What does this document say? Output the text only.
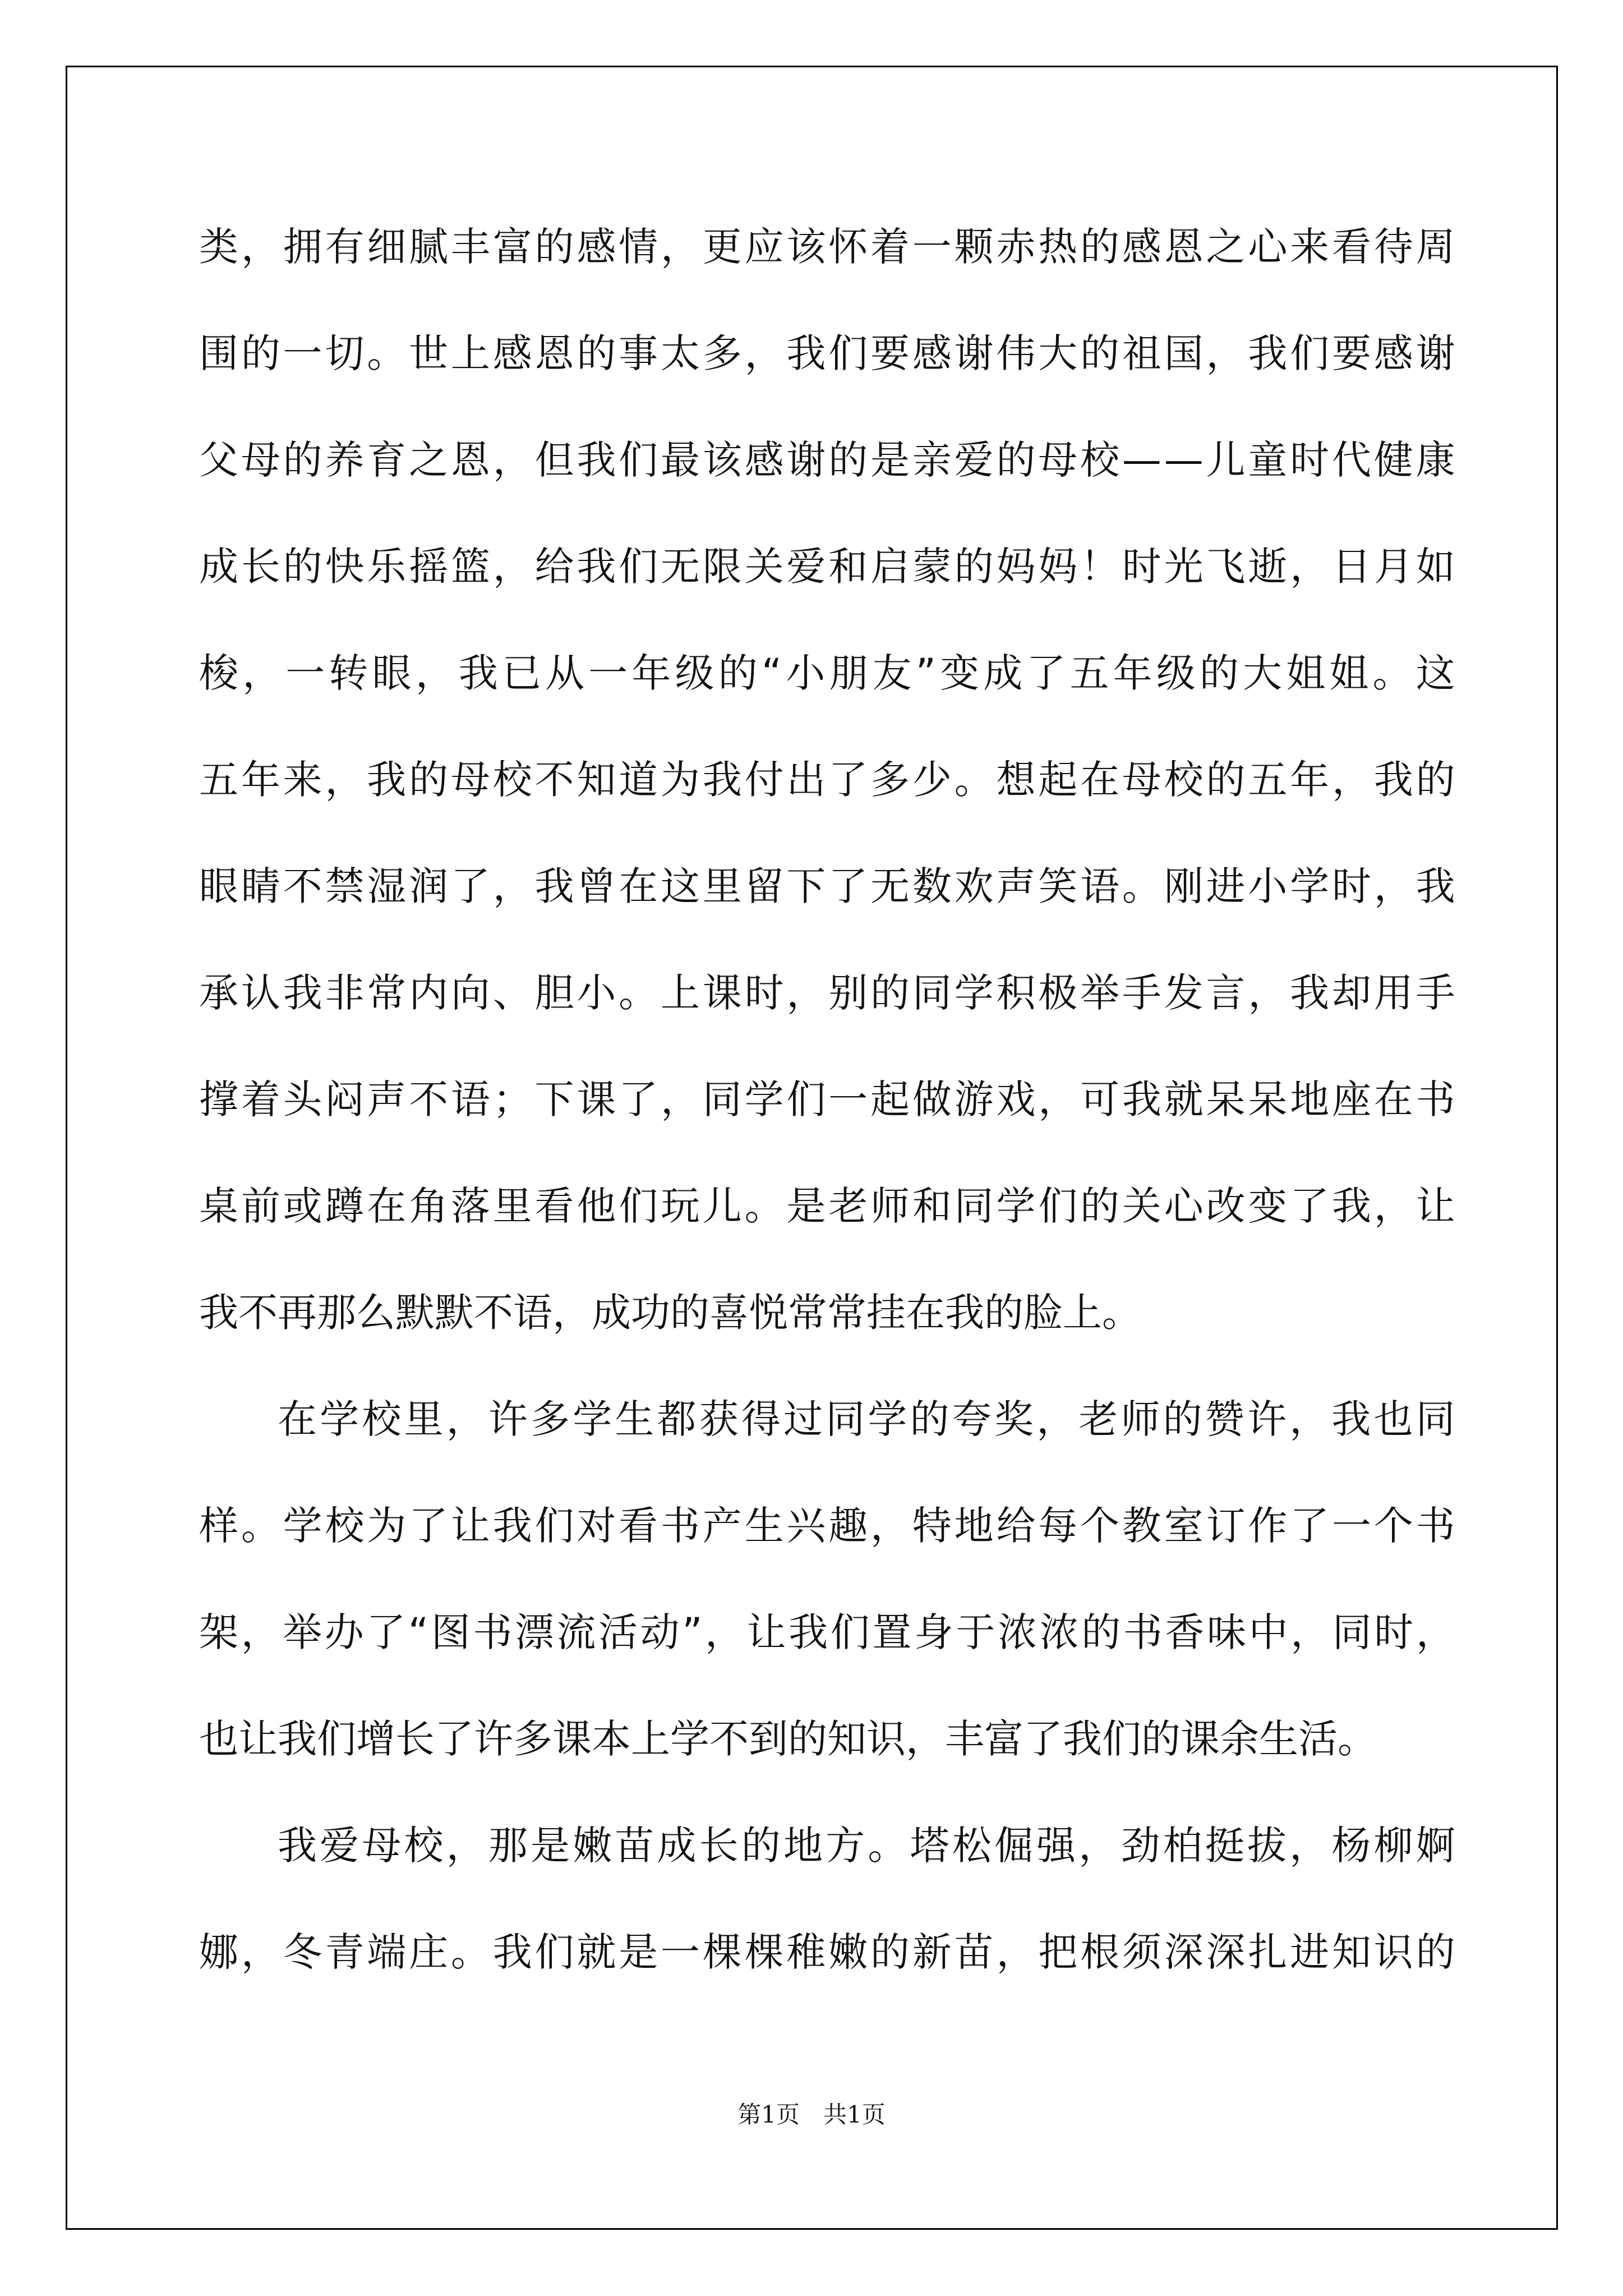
类 ， 拥 有 细 腻 丰 富 的 感 情 ， 更 应 该 怀 着 一 颗 赤 热 的 感 恩 之 心 来 看 待 周
围 的 一 切 。 世 上 感 恩 的 事 太 多 ， 我 们 要 感 谢 伟 大 的 祖 国 ， 我 们 要 感 谢
父 母 的 养 育 之 恩 ， 但 我 们 最 该 感 谢 的 是 亲 爱 的 母 校 — — 儿 童 时 代 健 康
成 长 的 快 乐 摇 篮 ， 给 我 们 无 限 关 爱 和 启 蒙 的 妈 妈 ！ 时 光 飞 逝 ， 日 月 如
梭 ， 一 转 眼 ， 我 已 从 一 年 级 的 “ 小 朋 友 ” 变 成 了 五 年 级 的 大 姐 姐 。 这
五 年 来 ， 我 的 母 校 不 知 道 为 我 付 出 了 多 少 。 想 起 在 母 校 的 五 年 ， 我 的
眼 睛 不 禁 湿 润 了 ， 我 曾 在 这 里 留 下 了 无 数 欢 声 笑 语 。 刚 进 小 学 时 ， 我
承 认 我 非 常 内 向 、 胆 小 。 上 课 时 ， 别 的 同 学 积 极 举 手 发 言 ， 我 却 用 手
撑 着 头 闷 声 不 语 ； 下 课 了 ， 同 学 们 一 起 做 游 戏 ， 可 我 就 呆 呆 地 座 在 书
桌 前 或 蹲 在 角 落 里 看 他 们 玩 儿 。 是 老 师 和 同 学 们 的 关 心 改 变 了 我 ， 让
我不再那么默默不语，成功的喜悦常常挂在我的脸上。
在 学 校 里 ， 许 多 学 生 都 获 得 过 同 学 的 夸 奖 ， 老 师 的 赞 许 ， 我 也 同
样 。 学 校 为 了 让 我 们 对 看 书 产 生 兴 趣 ， 特 地 给 每 个 教 室 订 作 了 一 个 书
架 ， 举 办 了 “ 图 书 漂 流 活 动 ” ， 让 我 们 置 身 于 浓 浓 的 书 香 味 中 ， 同 时 ，
也让我们增长了许多课本上学不到的知识，丰富了我们的课余生活。
我 爱 母 校 ， 那 是 嫩 苗 成 长 的 地 方 。 塔 松 倔 强 ， 劲 柏 挺 拔 ， 杨 柳 婀
娜 ， 冬 青 端 庄 。 我 们 就 是 一 棵 棵 稚 嫩 的 新 苗 ， 把 根 须 深 深 扎 进 知 识 的
第1页　共1页
